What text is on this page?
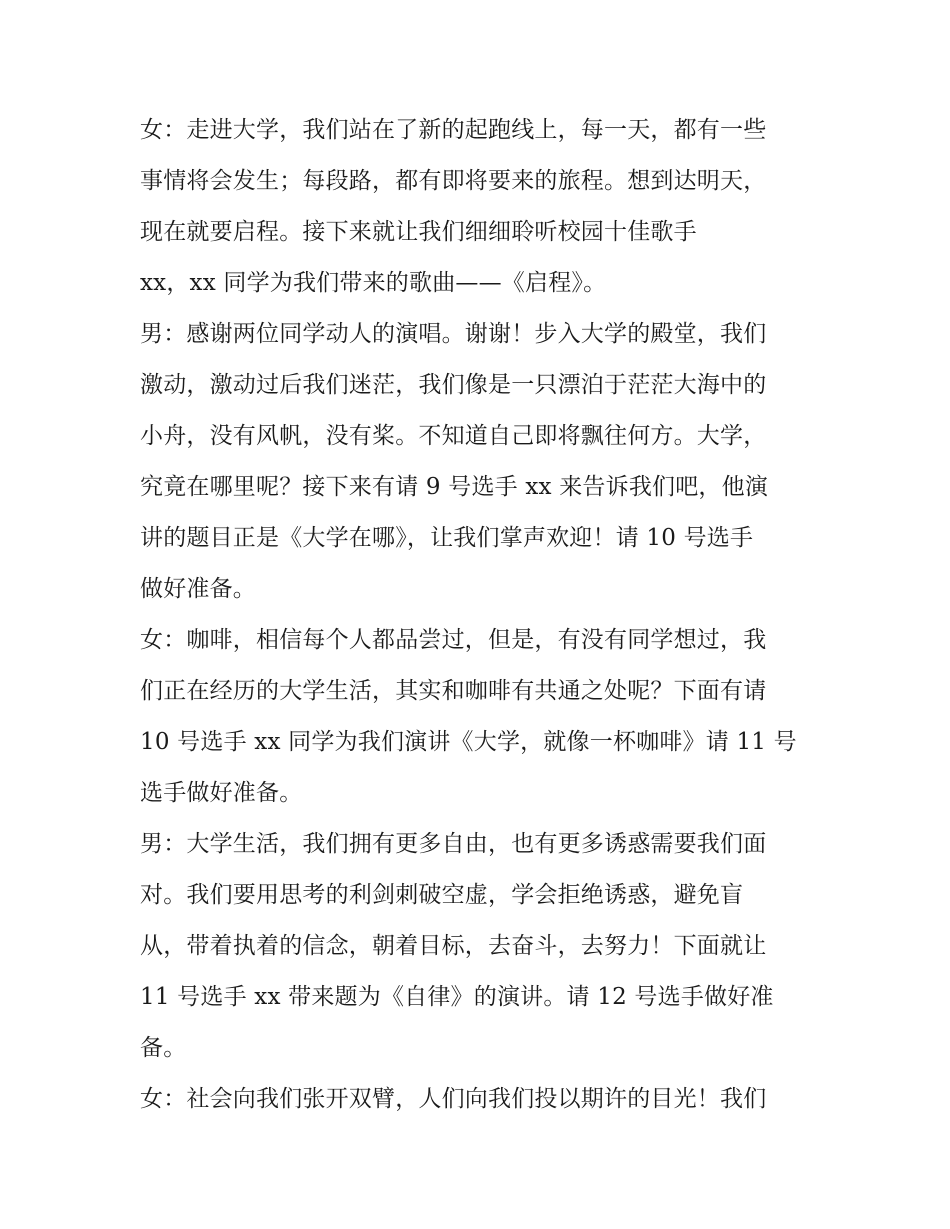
女：走进大学，我们站在了新的起跑线上，每一天，都有一些
事情将会发生；每段路，都有即将要来的旅程。想到达明天，
现在就要启程。接下来就让我们细细聆听校园十佳歌手
xx，xx 同学为我们带来的歌曲——《启程》。
男：感谢两位同学动人的演唱。谢谢！步入大学的殿堂，我们
激动，激动过后我们迷茫，我们像是一只漂泊于茫茫大海中的
小舟，没有风帆，没有桨。不知道自己即将飘往何方。大学，
究竟在哪里呢？接下来有请 9 号选手 xx 来告诉我们吧，他演
讲的题目正是《大学在哪》，让我们掌声欢迎！请 10 号选手
做好准备。
女：咖啡，相信每个人都品尝过，但是，有没有同学想过，我
们正在经历的大学生活，其实和咖啡有共通之处呢？下面有请
10 号选手 xx 同学为我们演讲《大学，就像一杯咖啡》请 11 号
选手做好准备。
男：大学生活，我们拥有更多自由，也有更多诱惑需要我们面
对。我们要用思考的利剑刺破空虚，学会拒绝诱惑，避免盲
从，带着执着的信念，朝着目标，去奋斗，去努力！下面就让
11 号选手 xx 带来题为《自律》的演讲。请 12 号选手做好准
备。
女：社会向我们张开双臂，人们向我们投以期许的目光！我们
